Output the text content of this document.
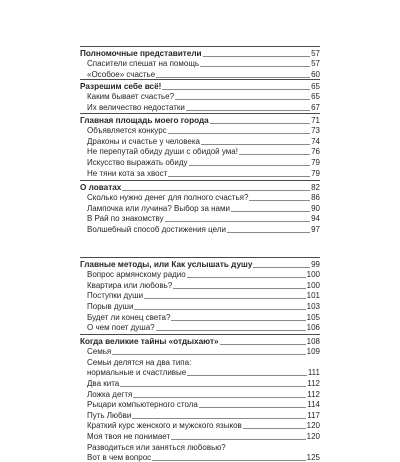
Полномочные представители	57
Спасители спешат на помощь	57
«Особое» счастье	60
Разрешим себе всё!	65
Каким бывает счастье?	65
Их величество недостатки	67
Главная площадь моего города	71
Объявляется конкурс	73
Драконы и счастье у человека	74
Не перепутай обиду души с обидой ума!	76
Искусство выражать обиду	79
Не тяни кота за хвост	79
О ловатах	82
Сколько нужно денег для полного счастья?	86
Лампочка или лучина? Выбор за нами	90
В Рай по знакомству	94
Волшебный способ достижения цели	97
Главные методы, или Как услышать душу	99
Вопрос армянскому радио	100
Квартира или любовь?	100
Поступки души	101
Порыв души	103
Будет ли конец света?	105
О чем поет душа?	106
Когда великие тайны «отдыхают»	108
Семья	109
Семьи делятся на два типа:
нормальные и счастливые	111
Два кита	112
Ложка дегтя	112
Рыцари компьютерного стола	114
Путь Любви	117
Краткий курс женского и мужского языков	120
Моя твоя не понимает	120
Разводиться или заняться любовью?
Вот в чем вопрос	125
